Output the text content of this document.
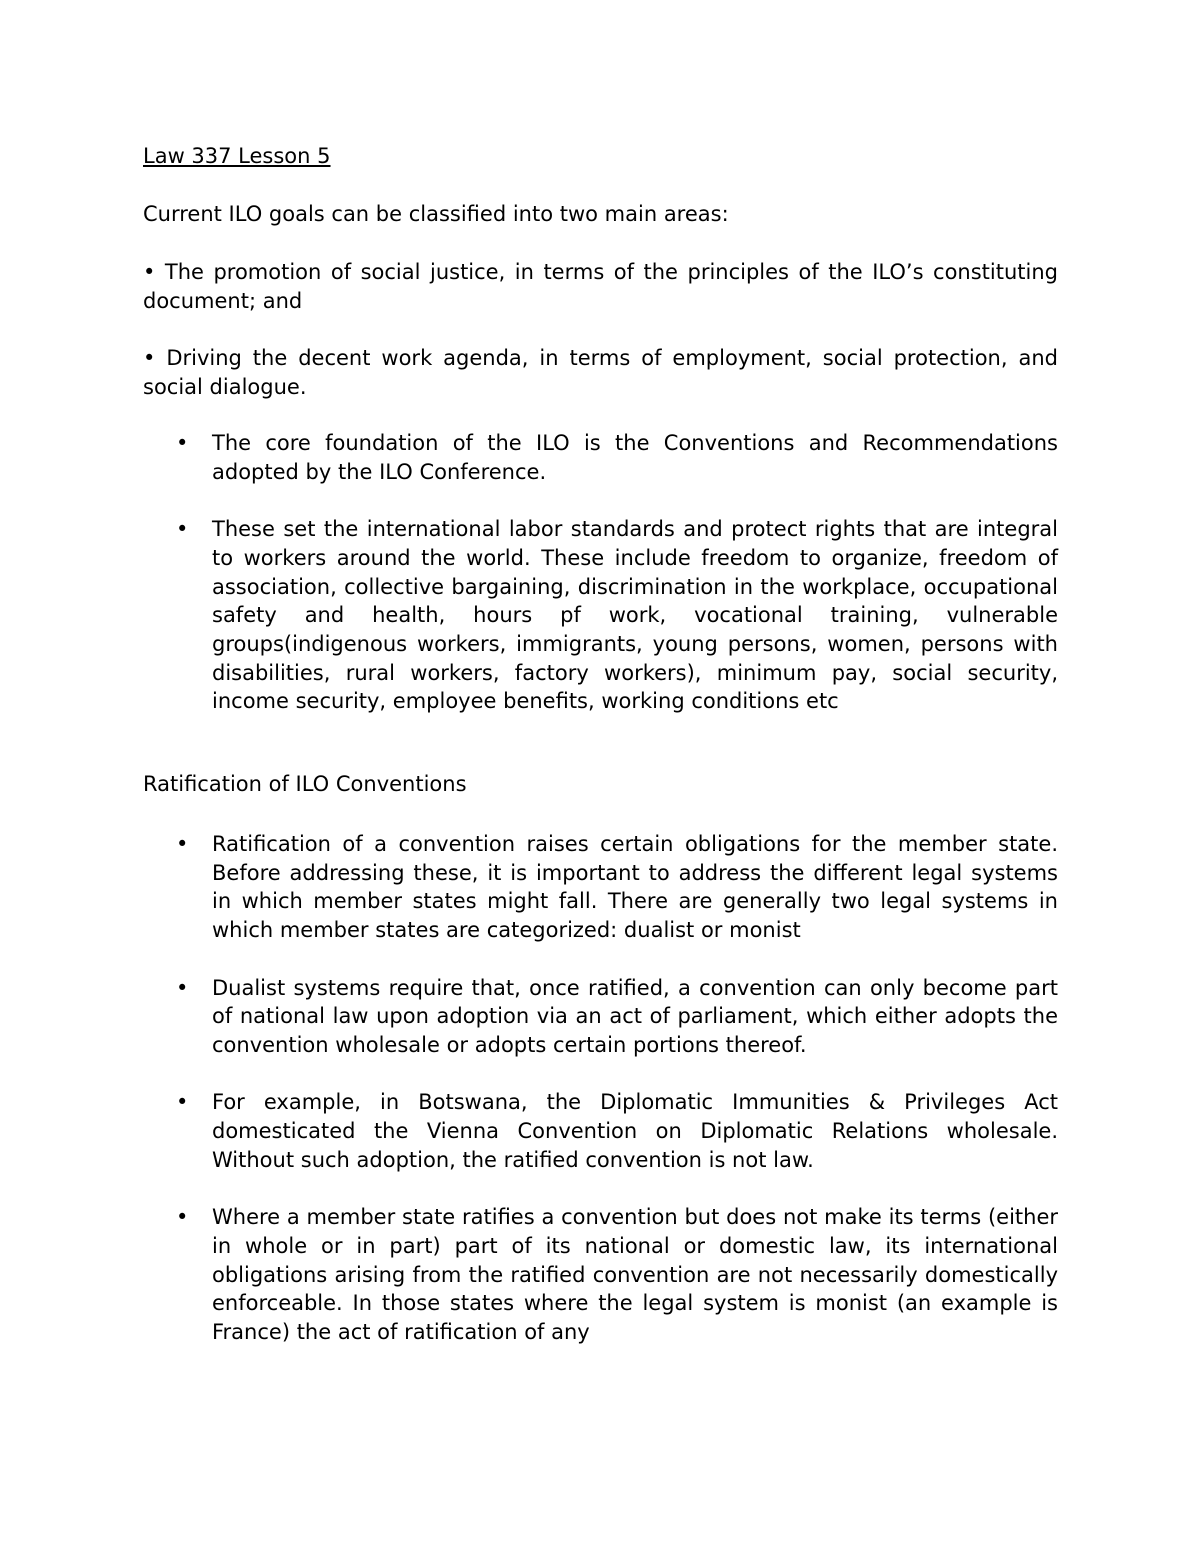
Law 337 Lesson 5
Current ILO goals can be classified into two main areas:
• The promotion of social justice, in terms of the principles of the ILO’s constituting document; and
• Driving the decent work agenda, in terms of employment, social protection, and social dialogue.
• The core foundation of the ILO is the Conventions and Recommendations adopted by the ILO Conference.
• These set the international labor standards and protect rights that are integral to workers around the world. These include freedom to organize, freedom of association, collective bargaining, discrimination in the workplace, occupational safety and health, hours pf work, vocational training, vulnerable groups(indigenous workers, immigrants, young persons, women, persons with disabilities, rural workers, factory workers), minimum pay, social security, income security, employee benefits, working conditions etc
Ratification of ILO Conventions
• Ratification of a convention raises certain obligations for the member state. Before addressing these, it is important to address the different legal systems in which member states might fall. There are generally two legal systems in which member states are categorized: dualist or monist
• Dualist systems require that, once ratified, a convention can only become part of national law upon adoption via an act of parliament, which either adopts the convention wholesale or adopts certain portions thereof.
• For example, in Botswana, the Diplomatic Immunities & Privileges Act domesticated the Vienna Convention on Diplomatic Relations wholesale. Without such adoption, the ratified convention is not law.
• Where a member state ratifies a convention but does not make its terms (either in whole or in part) part of its national or domestic law, its international obligations arising from the ratified convention are not necessarily domestically enforceable. In those states where the legal system is monist (an example is France) the act of ratification of any
